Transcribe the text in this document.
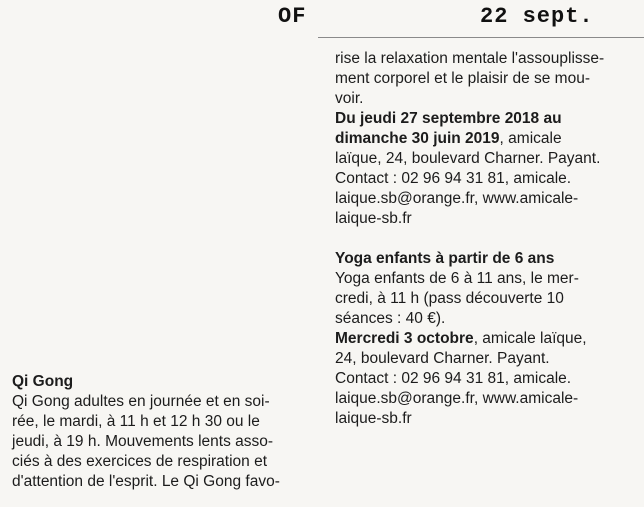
OF	22 sept.
Qi Gong
Qi Gong adultes en journée et en soi-
rée, le mardi, à 11 h et 12 h 30 ou le
jeudi, à 19 h. Mouvements lents asso-
ciés à des exercices de respiration et
d'attention de l'esprit. Le Qi Gong favo-
rise la relaxation mentale l'assouplisse-
ment corporel et le plaisir de se mou-
voir.
Du jeudi 27 septembre 2018 au
dimanche 30 juin 2019, amicale
laïque, 24, boulevard Charner. Payant.
Contact : 02 96 94 31 81, amicale.
laique.sb@orange.fr, www.amicale-
laique-sb.fr
Yoga enfants à partir de 6 ans
Yoga enfants de 6 à 11 ans, le mer-
credi, à 11 h (pass découverte 10
séances : 40 €).
Mercredi 3 octobre, amicale laïque,
24, boulevard Charner. Payant.
Contact : 02 96 94 31 81, amicale.
laique.sb@orange.fr, www.amicale-
laique-sb.fr
